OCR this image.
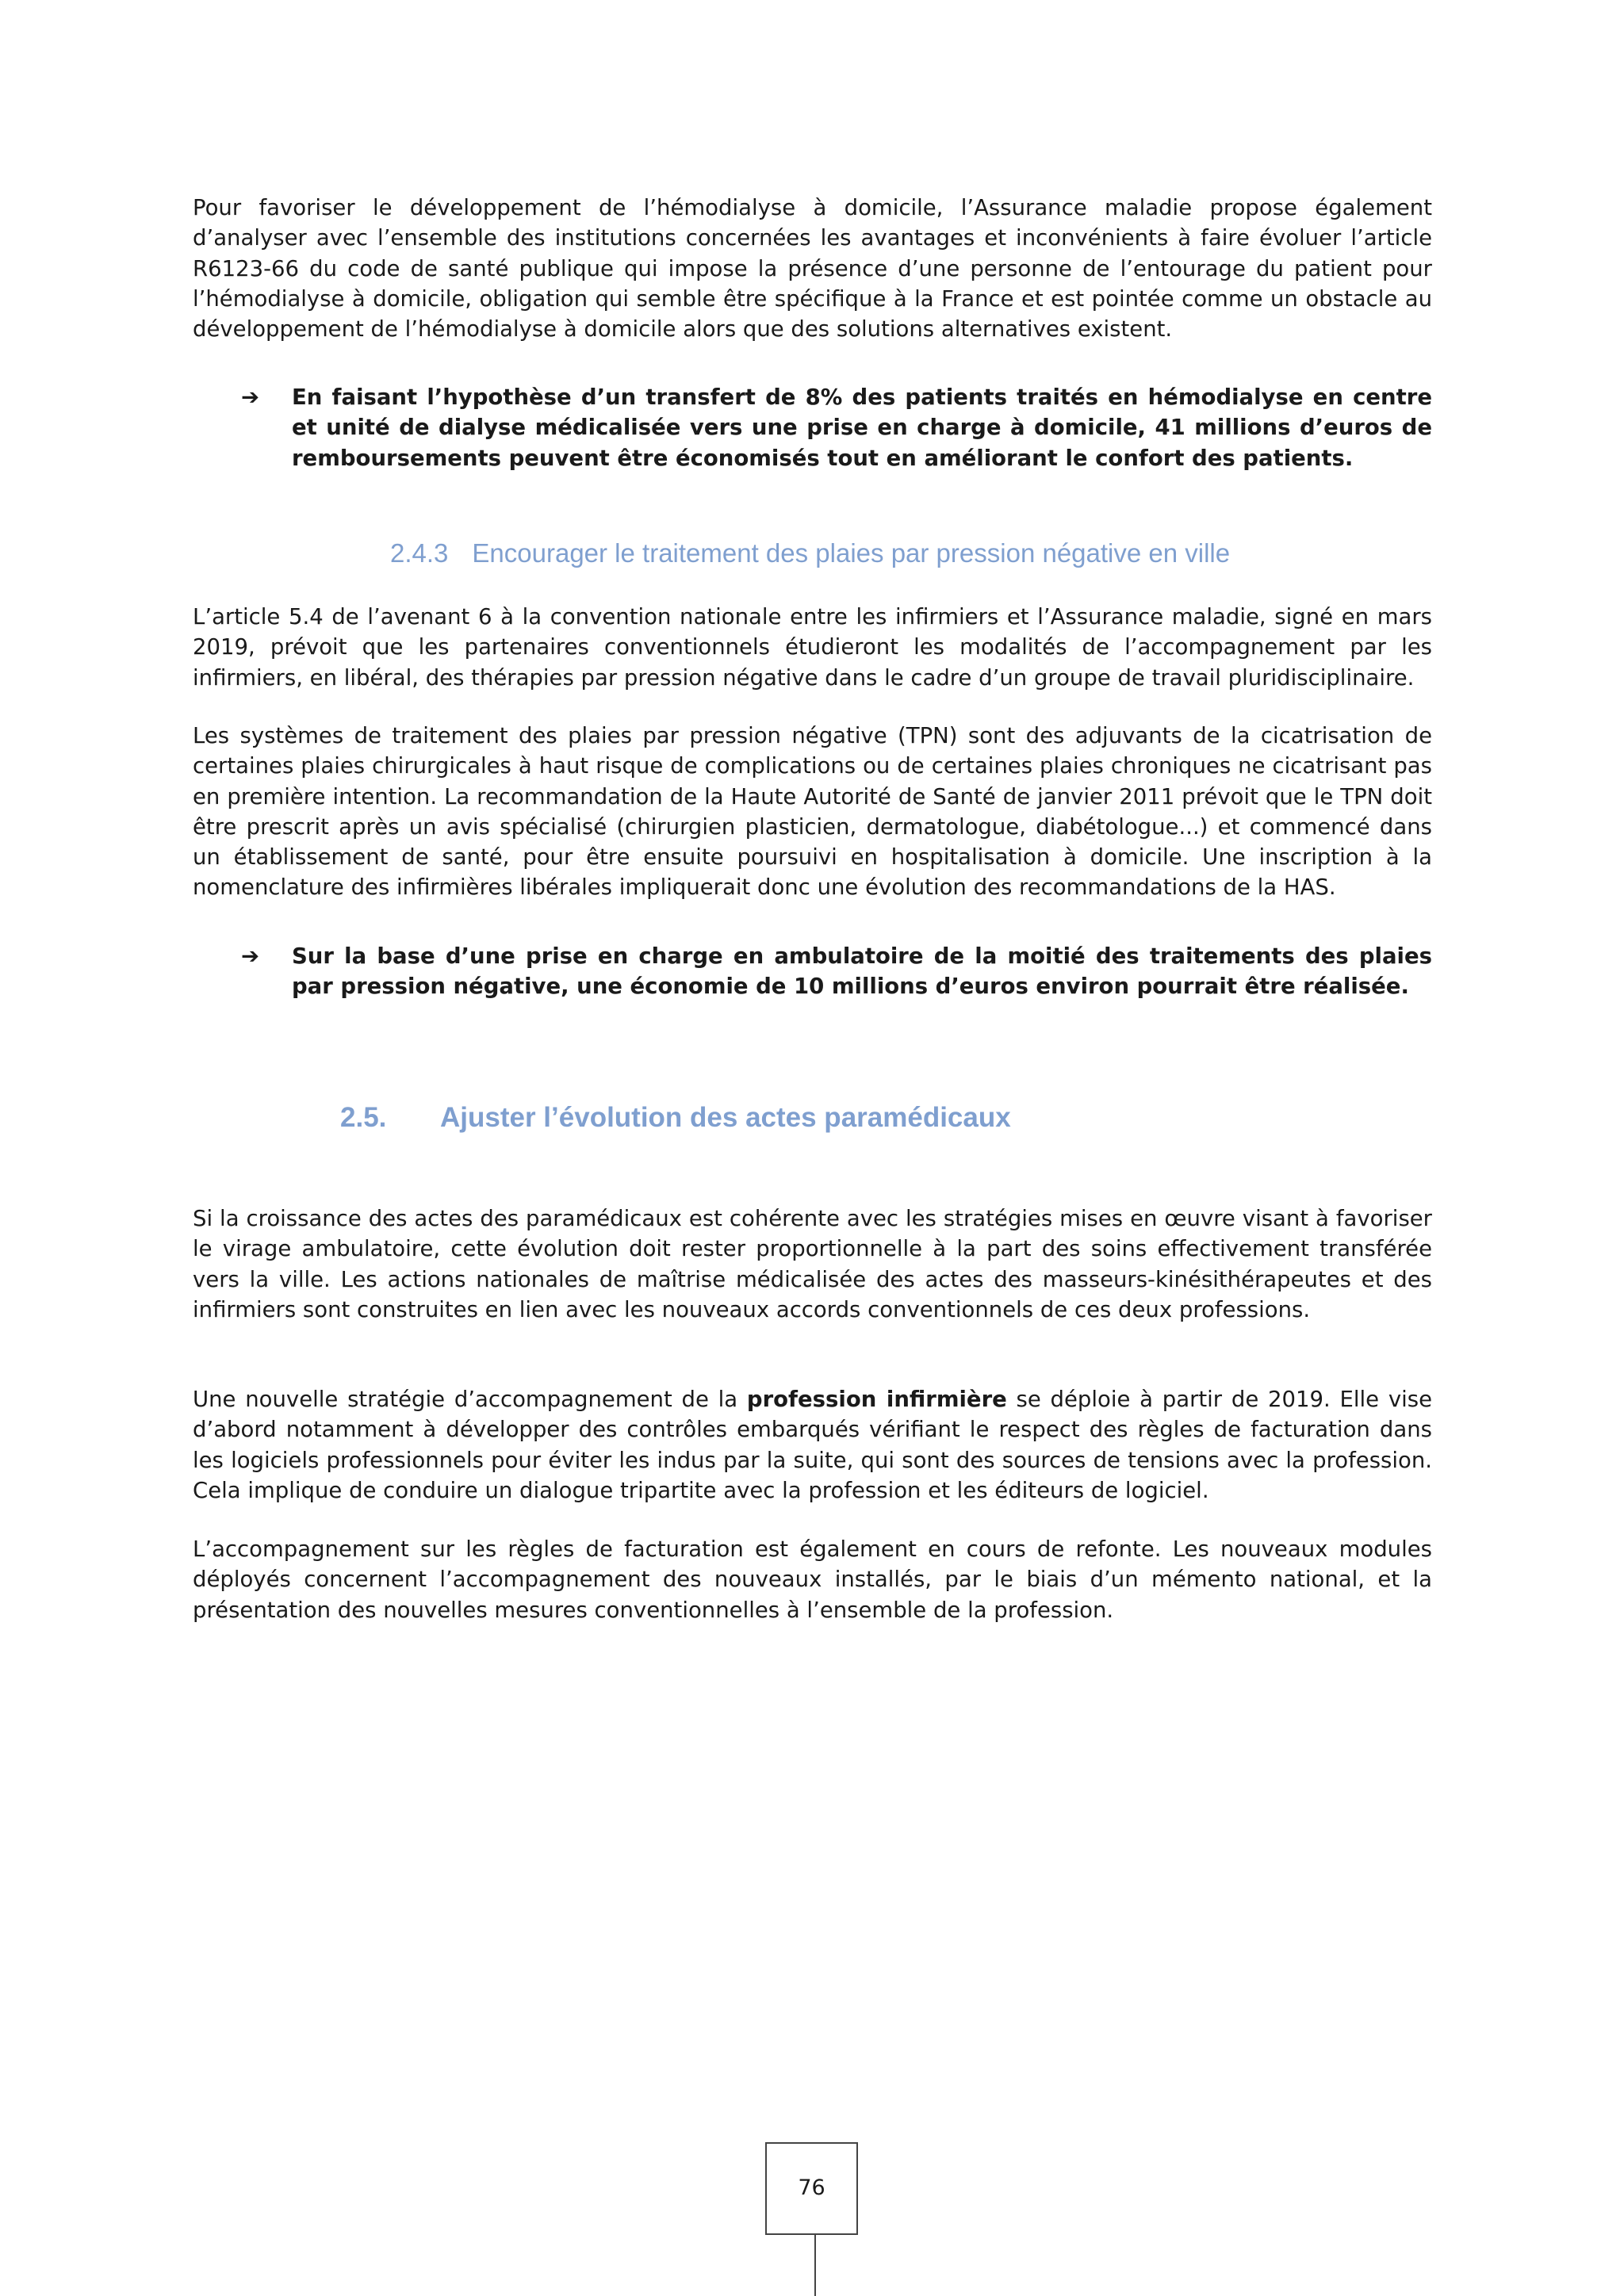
Pour favoriser le développement de l’hémodialyse à domicile, l’Assurance maladie propose également d’analyser avec l’ensemble des institutions concernées les avantages et inconvénients à faire évoluer l’article R6123-66 du code de santé publique qui impose la présence d’une personne de l’entourage du patient pour l’hémodialyse à domicile, obligation qui semble être spécifique à la France et est pointée comme un obstacle au développement de l’hémodialyse à domicile alors que des solutions alternatives existent.

➔	En faisant l’hypothèse d’un transfert de 8% des patients traités en hémodialyse en centre et unité de dialyse médicalisée vers une prise en charge à domicile, 41 millions d’euros de remboursements peuvent être économisés tout en améliorant le confort des patients.
2.4.3 Encourager le traitement des plaies par pression négative en ville

L’article 5.4 de l’avenant 6 à la convention nationale entre les infirmiers et l’Assurance maladie, signé en mars 2019, prévoit que les partenaires conventionnels étudieront les modalités de l’accompagnement par les infirmiers, en libéral, des thérapies par pression négative dans le cadre d’un groupe de travail pluridisciplinaire.

Les systèmes de traitement des plaies par pression négative (TPN) sont des adjuvants de la cicatrisation de certaines plaies chirurgicales à haut risque de complications ou de certaines plaies chroniques ne cicatrisant pas en première intention. La recommandation de la Haute Autorité de Santé de janvier 2011 prévoit que le TPN doit être prescrit après un avis spécialisé (chirurgien plasticien, dermatologue, diabétologue...) et commencé dans un établissement de santé, pour être ensuite poursuivi en hospitalisation à domicile. Une inscription à la nomenclature des infirmières libérales impliquerait donc une évolution des recommandations de la HAS.

➔	Sur la base d’une prise en charge en ambulatoire de la moitié des traitements des plaies par pression négative, une économie de 10 millions d’euros environ pourrait être réalisée.
2.5. Ajuster l’évolution des actes paramédicaux

Si la croissance des actes des paramédicaux est cohérente avec les stratégies mises en œuvre visant à favoriser le virage ambulatoire, cette évolution doit rester proportionnelle à la part des soins effectivement transférée vers la ville. Les actions nationales de maîtrise médicalisée des actes des masseurs-kinésithérapeutes et des infirmiers sont construites en lien avec les nouveaux accords conventionnels de ces deux professions.

Une nouvelle stratégie d’accompagnement de la profession infirmière se déploie à partir de 2019. Elle vise d’abord notamment à développer des contrôles embarqués vérifiant le respect des règles de facturation dans les logiciels professionnels pour éviter les indus par la suite, qui sont des sources de tensions avec la profession. Cela implique de conduire un dialogue tripartite avec la profession et les éditeurs de logiciel.

L’accompagnement sur les règles de facturation est également en cours de refonte. Les nouveaux modules déployés concernent l’accompagnement des nouveaux installés, par le biais d’un mémento national, et la présentation des nouvelles mesures conventionnelles à l’ensemble de la profession.

76
